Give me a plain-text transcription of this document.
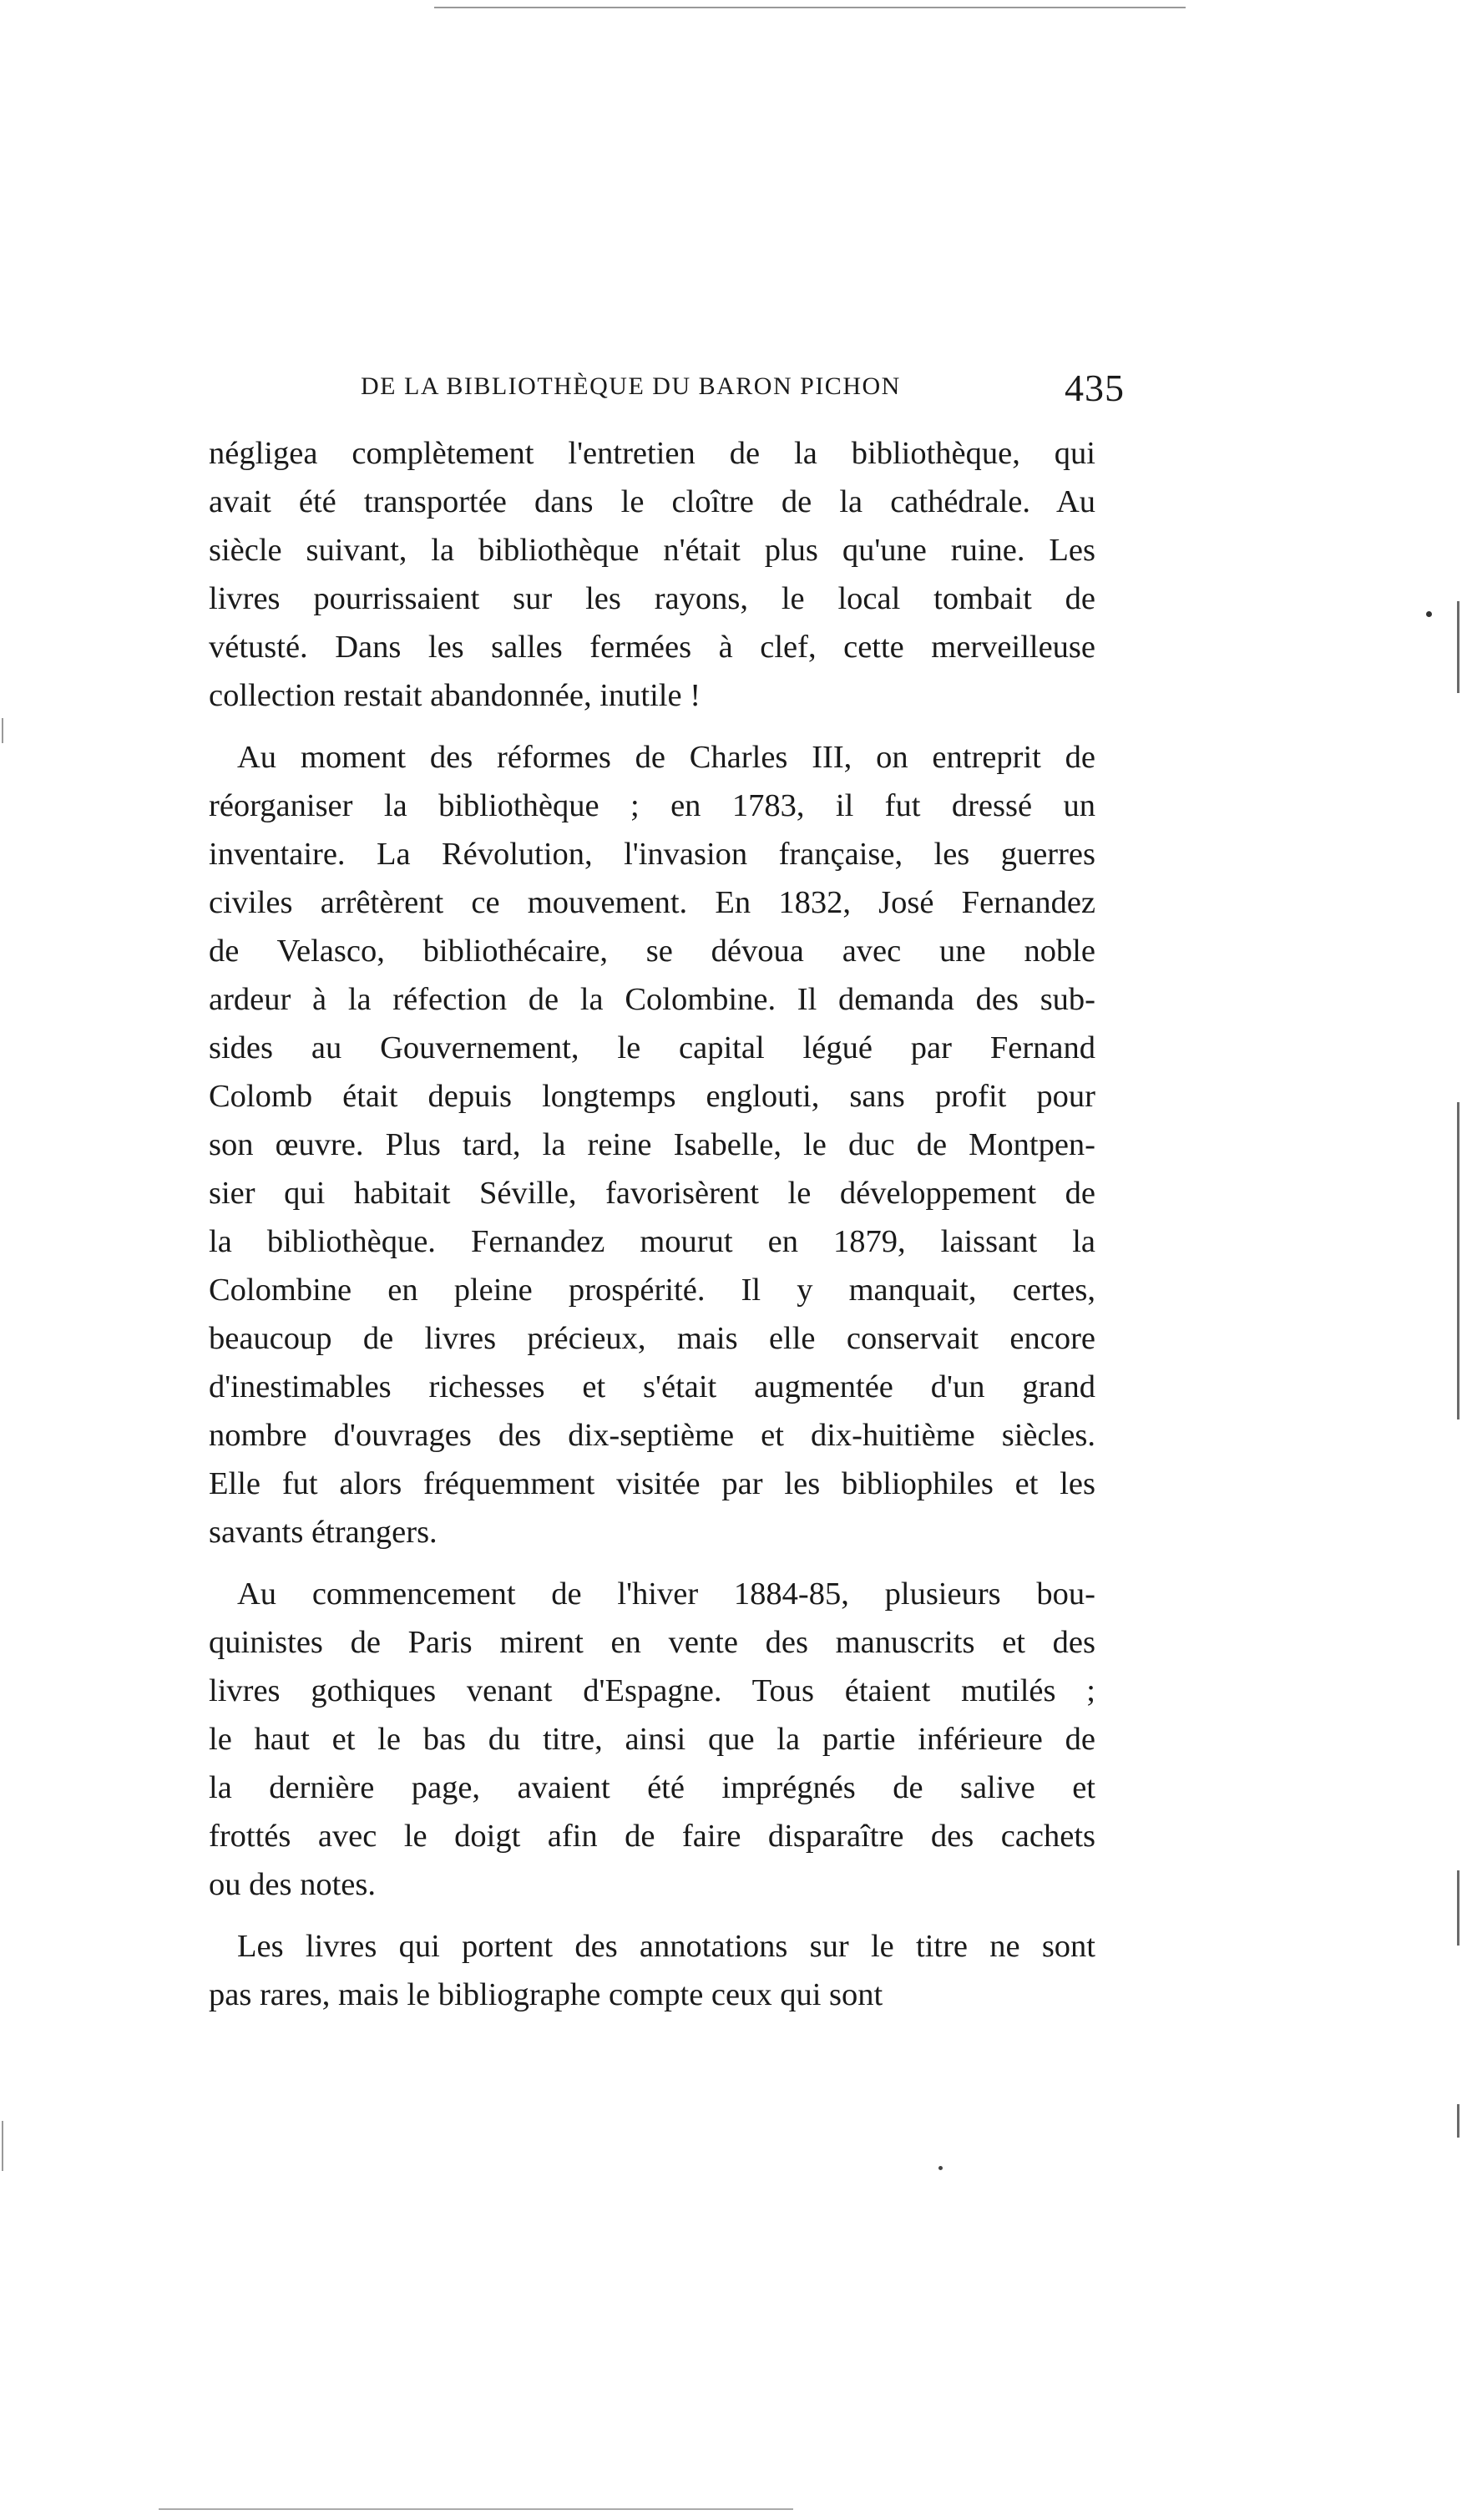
DE LA BIBLIOTHÈQUE DU BARON PICHON	435
négligea complètement l'entretien de la bibliothèque, qui
avait été transportée dans le cloître de la cathédrale. Au
siècle suivant, la bibliothèque n'était plus qu'une ruine. Les
livres pourrissaient sur les rayons, le local tombait de
vétusté. Dans les salles fermées à clef, cette merveilleuse
collection restait abandonnée, inutile !
Au moment des réformes de Charles III, on entreprit de
réorganiser la bibliothèque ; en 1783, il fut dressé un
inventaire. La Révolution, l'invasion française, les guerres
civiles arrêtèrent ce mouvement. En 1832, José Fernandez
de Velasco, bibliothécaire, se dévoua avec une noble
ardeur à la réfection de la Colombine. Il demanda des sub-
sides au Gouvernement, le capital légué par Fernand
Colomb était depuis longtemps englouti, sans profit pour
son œuvre. Plus tard, la reine Isabelle, le duc de Montpen-
sier qui habitait Séville, favorisèrent le développement de
la bibliothèque. Fernandez mourut en 1879, laissant la
Colombine en pleine prospérité. Il y manquait, certes,
beaucoup de livres précieux, mais elle conservait encore
d'inestimables richesses et s'était augmentée d'un grand
nombre d'ouvrages des dix-septième et dix-huitième siècles.
Elle fut alors fréquemment visitée par les bibliophiles et les
savants étrangers.
Au commencement de l'hiver 1884-85, plusieurs bou-
quinistes de Paris mirent en vente des manuscrits et des
livres gothiques venant d'Espagne. Tous étaient mutilés ;
le haut et le bas du titre, ainsi que la partie inférieure de
la dernière page, avaient été imprégnés de salive et
frottés avec le doigt afin de faire disparaître des cachets
ou des notes.
Les livres qui portent des annotations sur le titre ne sont
pas rares, mais le bibliographe compte ceux qui sont
